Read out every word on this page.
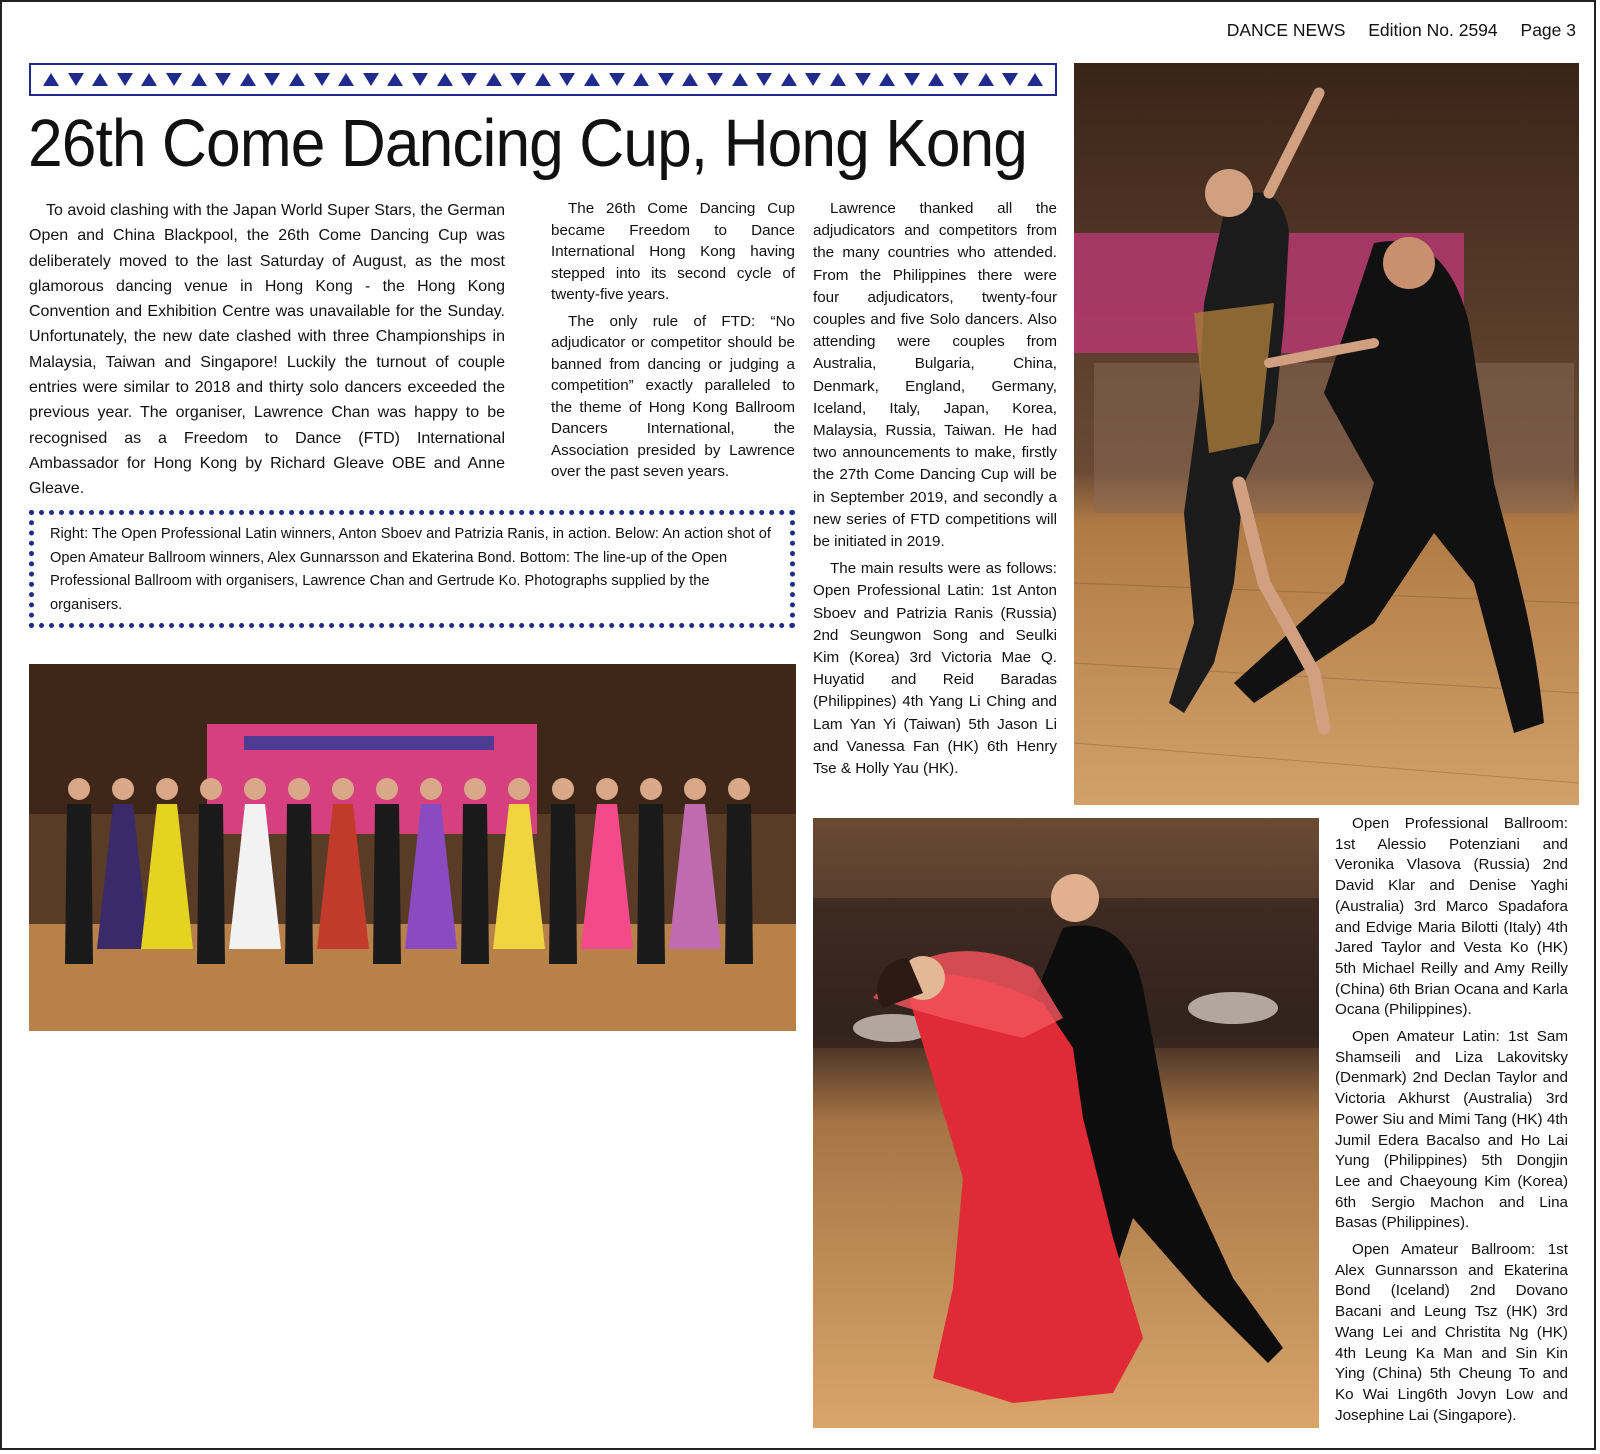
DANCE NEWS Edition No. 2594 Page 3
26th Come Dancing Cup, Hong Kong

To avoid clashing with the Japan World Super Stars, the German Open and China Blackpool, the 26th Come Dancing Cup was deliberately moved to the last Saturday of August, as the most glamorous dancing venue in Hong Kong - the Hong Kong Convention and Exhibition Centre was unavailable for the Sunday. Unfortunately, the new date clashed with three Championships in Malaysia, Taiwan and Singapore! Luckily the turnout of couple entries were similar to 2018 and thirty solo dancers exceeded the previous year. The organiser, Lawrence Chan was happy to be recognised as a Freedom to Dance (FTD) International Ambassador for Hong Kong by Richard Gleave OBE and Anne Gleave.

The 26th Come Dancing Cup became Freedom to Dance International Hong Kong having stepped into its second cycle of twenty-five years.

The only rule of FTD: “No adjudicator or competitor should be banned from dancing or judging a competition” exactly paralleled to the theme of Hong Kong Ballroom Dancers International, the Association presided by Lawrence over the past seven years.

Lawrence thanked all the adjudicators and competitors from the many countries who attended. From the Philippines there were four adjudicators, twenty-four couples and five Solo dancers. Also attending were couples from Australia, Bulgaria, China, Denmark, England, Germany, Iceland, Italy, Japan, Korea, Malaysia, Russia, Taiwan. He had two announcements to make, firstly the 27th Come Dancing Cup will be in September 2019, and secondly a new series of FTD competitions will be initiated in 2019.

The main results were as follows: Open Professional Latin: 1st Anton Sboev and Patrizia Ranis (Russia) 2nd Seungwon Song and Seulki Kim (Korea) 3rd Victoria Mae Q. Huyatid and Reid Baradas (Philippines) 4th Yang Li Ching and Lam Yan Yi (Taiwan) 5th Jason Li and Vanessa Fan (HK) 6th Henry Tse & Holly Yau (HK).

Right: The Open Professional Latin winners, Anton Sboev and Patrizia Ranis, in action. Below: An action shot of Open Amateur Ballroom winners, Alex Gunnarsson and Ekaterina Bond. Bottom: The line-up of the Open Professional Ballroom with organisers, Lawrence Chan and Gertrude Ko. Photographs supplied by the organisers.

Open Professional Ballroom: 1st Alessio Potenziani and Veronika Vlasova (Russia) 2nd David Klar and Denise Yaghi (Australia) 3rd Marco Spadafora and Edvige Maria Bilotti (Italy) 4th Jared Taylor and Vesta Ko (HK) 5th Michael Reilly and Amy Reilly (China) 6th Brian Ocana and Karla Ocana (Philippines).

Open Amateur Latin: 1st Sam Shamseili and Liza Lakovitsky (Denmark) 2nd Declan Taylor and Victoria Akhurst (Australia) 3rd Power Siu and Mimi Tang (HK) 4th Jumil Edera Bacalso and Ho Lai Yung (Philippines) 5th Dongjin Lee and Chaeyoung Kim (Korea) 6th Sergio Machon and Lina Basas (Philippines).

Open Amateur Ballroom: 1st Alex Gunnarsson and Ekaterina Bond (Iceland) 2nd Dovano Bacani and Leung Tsz (HK) 3rd Wang Lei and Christita Ng (HK) 4th Leung Ka Man and Sin Kin Ying (China) 5th Cheung To and Ko Wai Ling6th Jovyn Low and Josephine Lai (Singapore).
